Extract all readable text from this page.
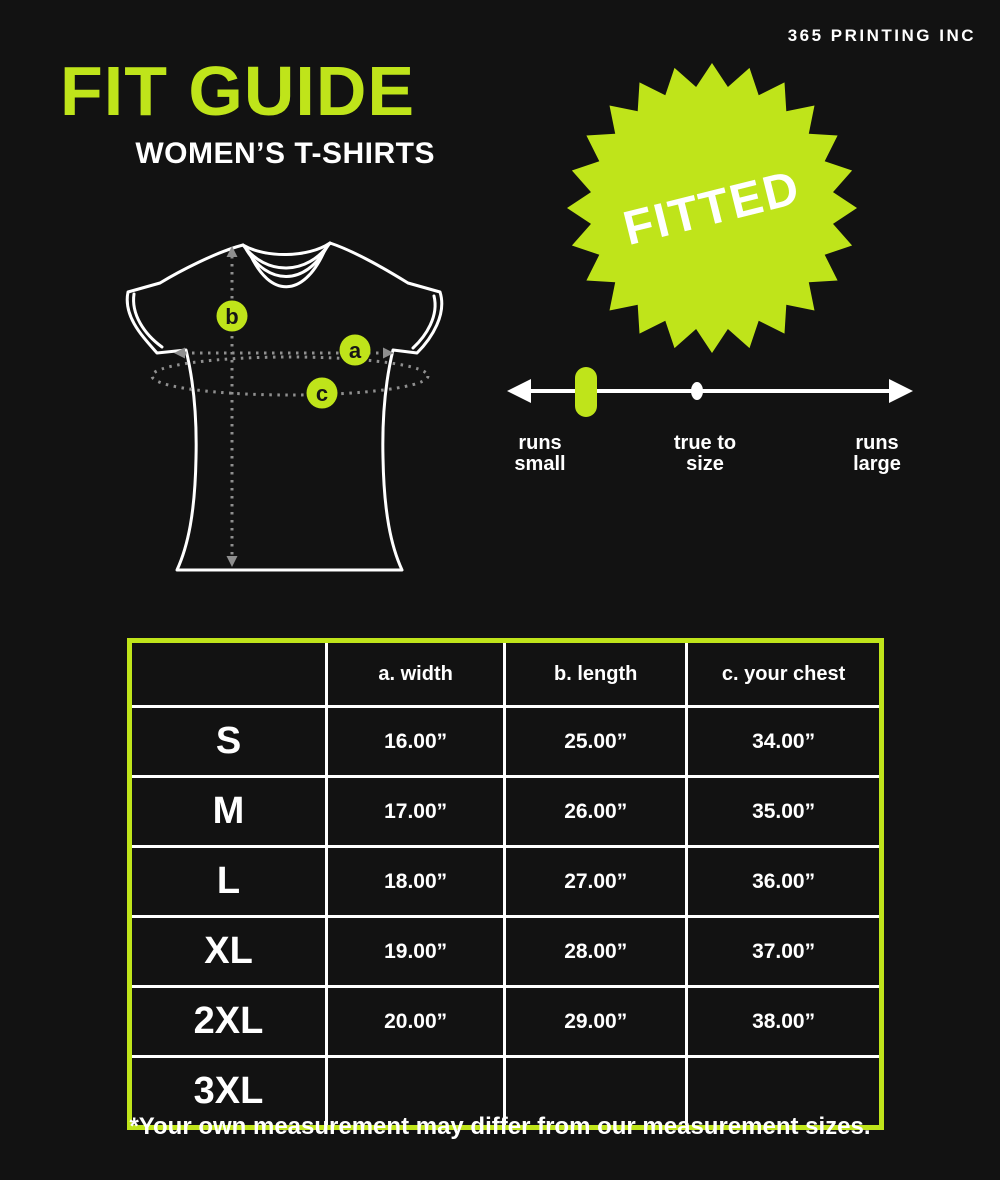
365 PRINTING INC
FIT GUIDE
WOMEN’S T-SHIRTS
b
a
c
FITTED
runs
small
true to
size
runs
large
	a. width	b. length	c. your chest
S	16.00”	25.00”	34.00”
M	17.00”	26.00”	35.00”
L	18.00”	27.00”	36.00”
XL	19.00”	28.00”	37.00”
2XL	20.00”	29.00”	38.00”
3XL			
*Your own measurement may differ from our measurement sizes.
